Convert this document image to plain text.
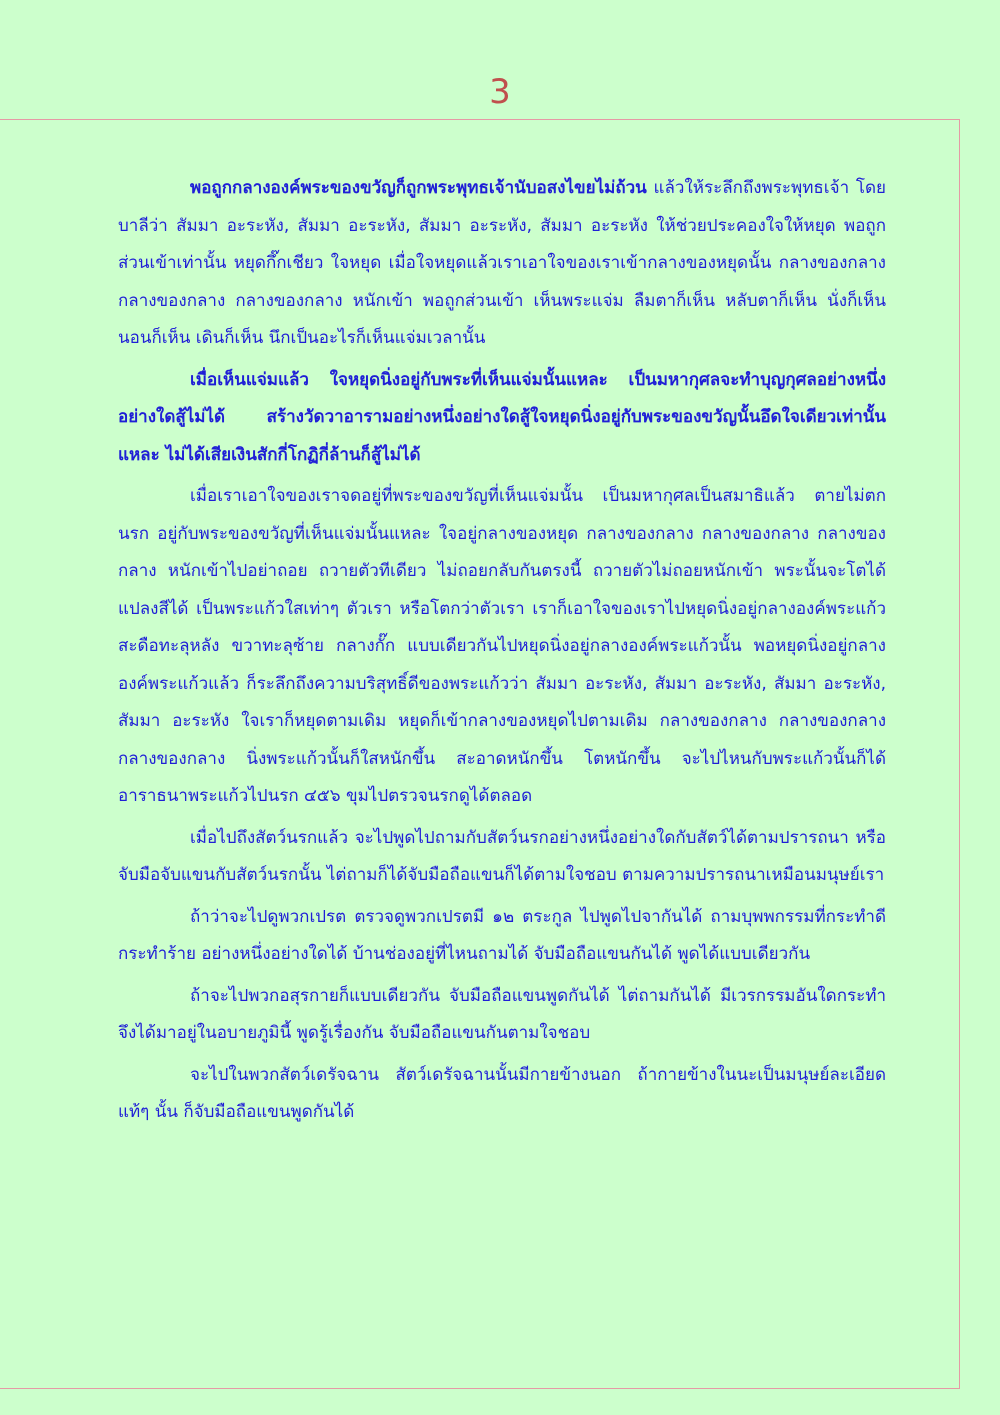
3

พอถูกกลางองค์พระของขวัญก็ถูกพระพุทธเจ้านับอสงไขยไม่ถ้วน แล้วให้ระลึกถึงพระพุทธเจ้า โดยบาลีว่า สัมมา อะระหัง, สัมมา อะระหัง, สัมมา อะระหัง, สัมมา อะระหัง ให้ช่วยประคองใจให้หยุด พอถูกส่วนเข้าเท่านั้น หยุดกึ๊กเชียว ใจหยุด เมื่อใจหยุดแล้วเราเอาใจของเราเข้ากลางของหยุดนั้น กลางของกลาง กลางของกลาง กลางของกลาง หนักเข้า พอถูกส่วนเข้า เห็นพระแจ่ม ลืมตาก็เห็น หลับตาก็เห็น นั่งก็เห็น นอนก็เห็น เดินก็เห็น นึกเป็นอะไรก็เห็นแจ่มเวลานั้น

เมื่อเห็นแจ่มแล้ว ใจหยุดนิ่งอยู่กับพระที่เห็นแจ่มนั้นแหละ เป็นมหากุศลจะทำบุญกุศลอย่างหนึ่งอย่างใดสู้ไม่ได้ สร้างวัดวาอารามอย่างหนึ่งอย่างใดสู้ใจหยุดนิ่งอยู่กับพระของขวัญนั้นอึดใจเดียวเท่านั้นแหละ ไม่ได้เสียเงินสักกี่โกฏิกี่ล้านก็สู้ไม่ได้

เมื่อเราเอาใจของเราจดอยู่ที่พระของขวัญที่เห็นแจ่มนั้น เป็นมหากุศลเป็นสมาธิแล้ว ตายไม่ตกนรก อยู่กับพระของขวัญที่เห็นแจ่มนั้นแหละ ใจอยู่กลางของหยุด กลางของกลาง กลางของกลาง กลางของกลาง หนักเข้าไปอย่าถอย ถวายตัวทีเดียว ไม่ถอยกลับกันตรงนี้ ถวายตัวไม่ถอยหนักเข้า พระนั้นจะโตได้ แปลงสีได้ เป็นพระแก้วใสเท่าๆ ตัวเรา หรือโตกว่าตัวเรา เราก็เอาใจของเราไปหยุดนิ่งอยู่กลางองค์พระแก้ว สะดือทะลุหลัง ขวาทะลุซ้าย กลางกั๊ก แบบเดียวกันไปหยุดนิ่งอยู่กลางองค์พระแก้วนั้น พอหยุดนิ่งอยู่กลางองค์พระแก้วแล้ว ก็ระลึกถึงความบริสุทธิ์ดีของพระแก้วว่า สัมมา อะระหัง, สัมมา อะระหัง, สัมมา อะระหัง, สัมมา อะระหัง ใจเราก็หยุดตามเดิม หยุดก็เข้ากลางของหยุดไปตามเดิม กลางของกลาง กลางของกลาง กลางของกลาง นิ่งพระแก้วนั้นก็ใสหนักขึ้น สะอาดหนักขึ้น โตหนักขึ้น จะไปไหนกับพระแก้วนั้นก็ได้อาราธนาพระแก้วไปนรก ๔๕๖ ขุมไปตรวจนรกดูได้ตลอด

เมื่อไปถึงสัตว์นรกแล้ว จะไปพูดไปถามกับสัตว์นรกอย่างหนึ่งอย่างใดกับสัตว์ได้ตามปรารถนา หรือจับมือจับแขนกับสัตว์นรกนั้น ไต่ถามก็ได้จับมือถือแขนก็ได้ตามใจชอบ ตามความปรารถนาเหมือนมนุษย์เรา

ถ้าว่าจะไปดูพวกเปรต ตรวจดูพวกเปรตมี ๑๒ ตระกูล ไปพูดไปจากันได้ ถามบุพพกรรมที่กระทำดี กระทำร้าย อย่างหนึ่งอย่างใดได้ บ้านช่องอยู่ที่ไหนถามได้ จับมือถือแขนกันได้ พูดได้แบบเดียวกัน

ถ้าจะไปพวกอสุรกายก็แบบเดียวกัน จับมือถือแขนพูดกันได้ ไต่ถามกันได้ มีเวรกรรมอันใดกระทำจึงได้มาอยู่ในอบายภูมินี้ พูดรู้เรื่องกัน จับมือถือแขนกันตามใจชอบ

จะไปในพวกสัตว์เดรัจฉาน สัตว์เดรัจฉานนั้นมีกายข้างนอก ถ้ากายข้างในนะเป็นมนุษย์ละเอียดแท้ๆ นั้น ก็จับมือถือแขนพูดกันได้
